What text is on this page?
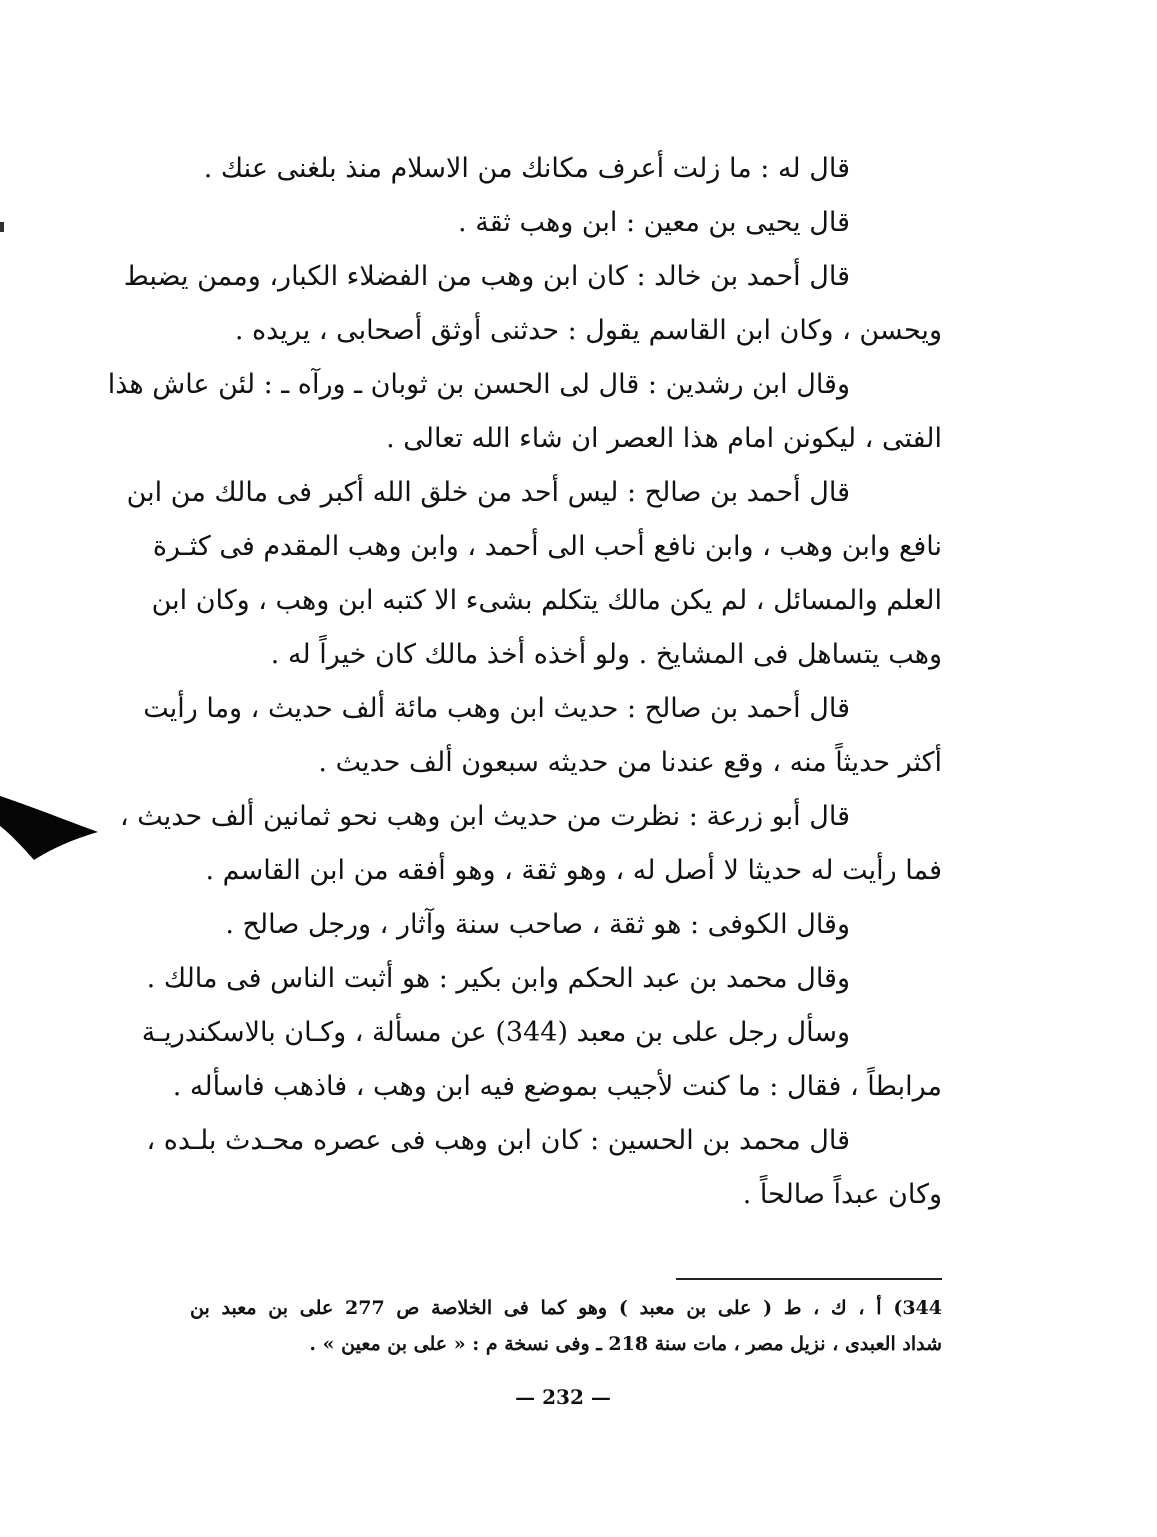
قال له : ما زلت أعرف مكانك من الاسلام منذ بلغنى عنك .
قال يحيى بن معين : ابن وهب ثقة .
قال أحمد بن خالد : كان ابن وهب من الفضلاء الكبار، وممن يضبط
ويحسن ، وكان ابن القاسم يقول : حدثنى أوثق أصحابى ، يريده .
وقال ابن رشدين : قال لى الحسن بن ثوبان ـ ورآه ـ : لئن عاش هذا
الفتى ، ليكونن امام هذا العصر ان شاء الله تعالى .
قال أحمد بن صالح : ليس أحد من خلق الله أكبر فى مالك من ابن
نافع وابن وهب ، وابن نافع أحب الى أحمد ، وابن وهب المقدم فى كثـرة
العلم والمسائل ، لم يكن مالك يتكلم بشىء الا كتبه ابن وهب ، وكان ابن
وهب يتساهل فى المشايخ . ولو أخذه أخذ مالك كان خيراً له .
قال أحمد بن صالح : حديث ابن وهب مائة ألف حديث ، وما رأيت
أكثر حديثاً منه ، وقع عندنا من حديثه سبعون ألف حديث .
قال أبو زرعة : نظرت من حديث ابن وهب نحو ثمانين ألف حديث ،
فما رأيت له حديثا لا أصل له ، وهو ثقة ، وهو أفقه من ابن القاسم .
وقال الكوفى : هو ثقة ، صاحب سنة وآثار ، ورجل صالح .
وقال محمد بن عبد الحكم وابن بكير : هو أثبت الناس فى مالك .
وسأل رجل على بن معبد (344) عن مسألة ، وكـان بالاسكندريـة
مرابطاً ، فقال : ما كنت لأجيب بموضع فيه ابن وهب ، فاذهب فاسأله .
قال محمد بن الحسين : كان ابن وهب فى عصره محـدث بلـده ،
وكان عبداً صالحاً .
344) أ ، ك ، ط ( على بن معبد ) وهو كما فى الخلاصة ص 277 على بن معبد بن
شداد العبدى ، نزيل مصر ، مات سنة 218 ـ وفى نسخة م : « على بن معين » .
— 232 —
